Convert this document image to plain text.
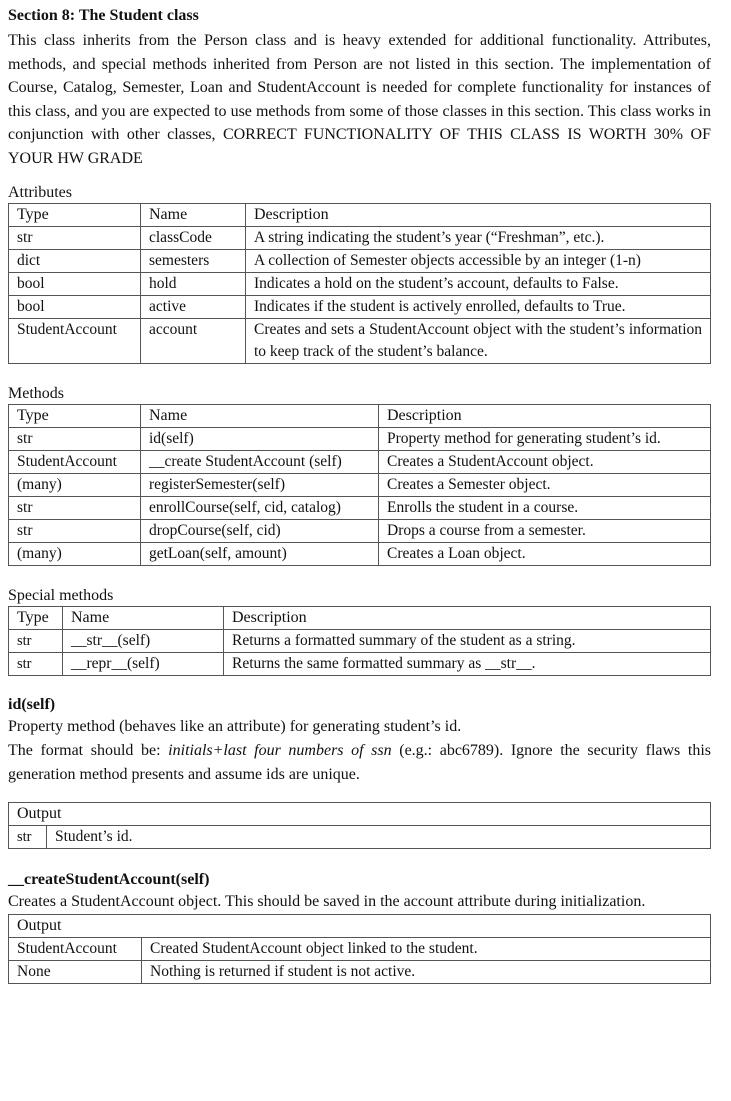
Section 8: The Student class

This class inherits from the Person class and is heavy extended for additional functionality. Attributes, methods, and special methods inherited from Person are not listed in this section. The implementation of Course, Catalog, Semester, Loan and StudentAccount is needed for complete functionality for instances of this class, and you are expected to use methods from some of those classes in this section. This class works in conjunction with other classes, CORRECT FUNCTIONALITY OF THIS CLASS IS WORTH 30% OF YOUR HW GRADE

Attributes

Type	Name	Description
str	classCode	A string indicating the student’s year (“Freshman”, etc.).
dict	semesters	A collection of Semester objects accessible by an integer (1-n)
bool	hold	Indicates a hold on the student’s account, defaults to False.
bool	active	Indicates if the student is actively enrolled, defaults to True.
StudentAccount	account	Creates and sets a StudentAccount object with the student’s information to keep track of the student’s balance.

Methods

Type	Name	Description
str	id(self)	Property method for generating student’s id.
StudentAccount	__create StudentAccount (self)	Creates a StudentAccount object.
(many)	registerSemester(self)	Creates a Semester object.
str	enrollCourse(self, cid, catalog)	Enrolls the student in a course.
str	dropCourse(self, cid)	Drops a course from a semester.
(many)	getLoan(self, amount)	Creates a Loan object.

Special methods

Type	Name	Description
str	__str__(self)	Returns a formatted summary of the student as a string.
str	__repr__(self)	Returns the same formatted summary as __str__.

id(self)

Property method (behaves like an attribute) for generating student’s id.

The format should be: initials+last four numbers of ssn (e.g.: abc6789). Ignore the security flaws this generation method presents and assume ids are unique.

Output
str	Student’s id.

__createStudentAccount(self)

Creates a StudentAccount object. This should be saved in the account attribute during initialization.

Output	
StudentAccount	Created StudentAccount object linked to the student.
None	Nothing is returned if student is not active.
